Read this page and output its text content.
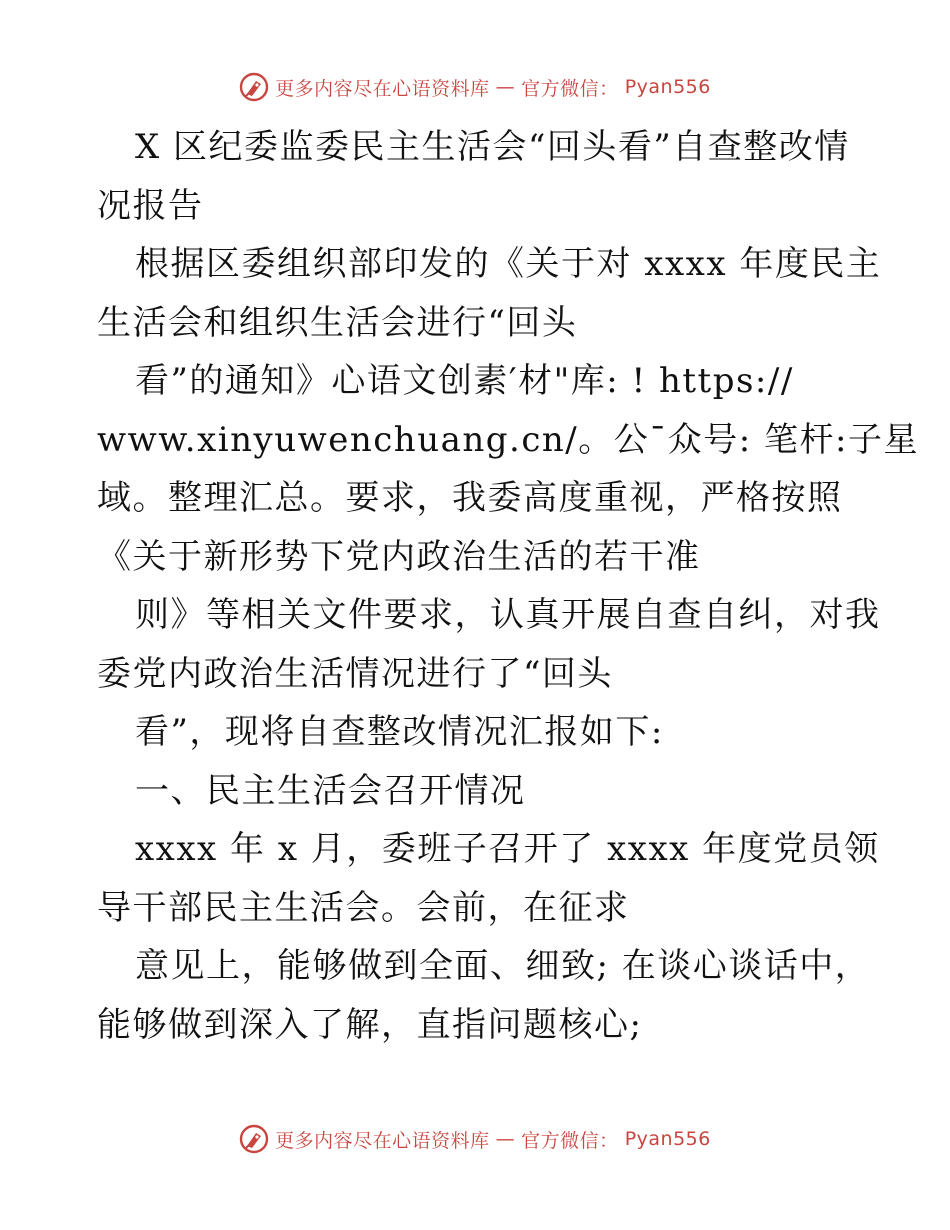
更多内容尽在心语资料库 — 官方微信： Pyan556
X 区纪委监委民主生活会“回头看”自查整改情
况报告
根据区委组织部印发的《关于对 xxxx 年度民主
生活会和组织生活会进行“回头
看”的通知》心语文创素′材"库: ! https://
www.xinyuwenchuang.cn/。公¯众号: 笔杆:子星
域。整理汇总。要求，我委高度重视，严格按照
《关于新形势下党内政治生活的若干准
则》等相关文件要求，认真开展自查自纠，对我
委党内政治生活情况进行了“回头
看”，现将自查整改情况汇报如下:
一、民主生活会召开情况
xxxx 年 x 月，委班子召开了 xxxx 年度党员领
导干部民主生活会。会前，在征求
意见上，能够做到全面、细致; 在谈心谈话中，
能够做到深入了解，直指问题核心;
更多内容尽在心语资料库 — 官方微信： Pyan556
